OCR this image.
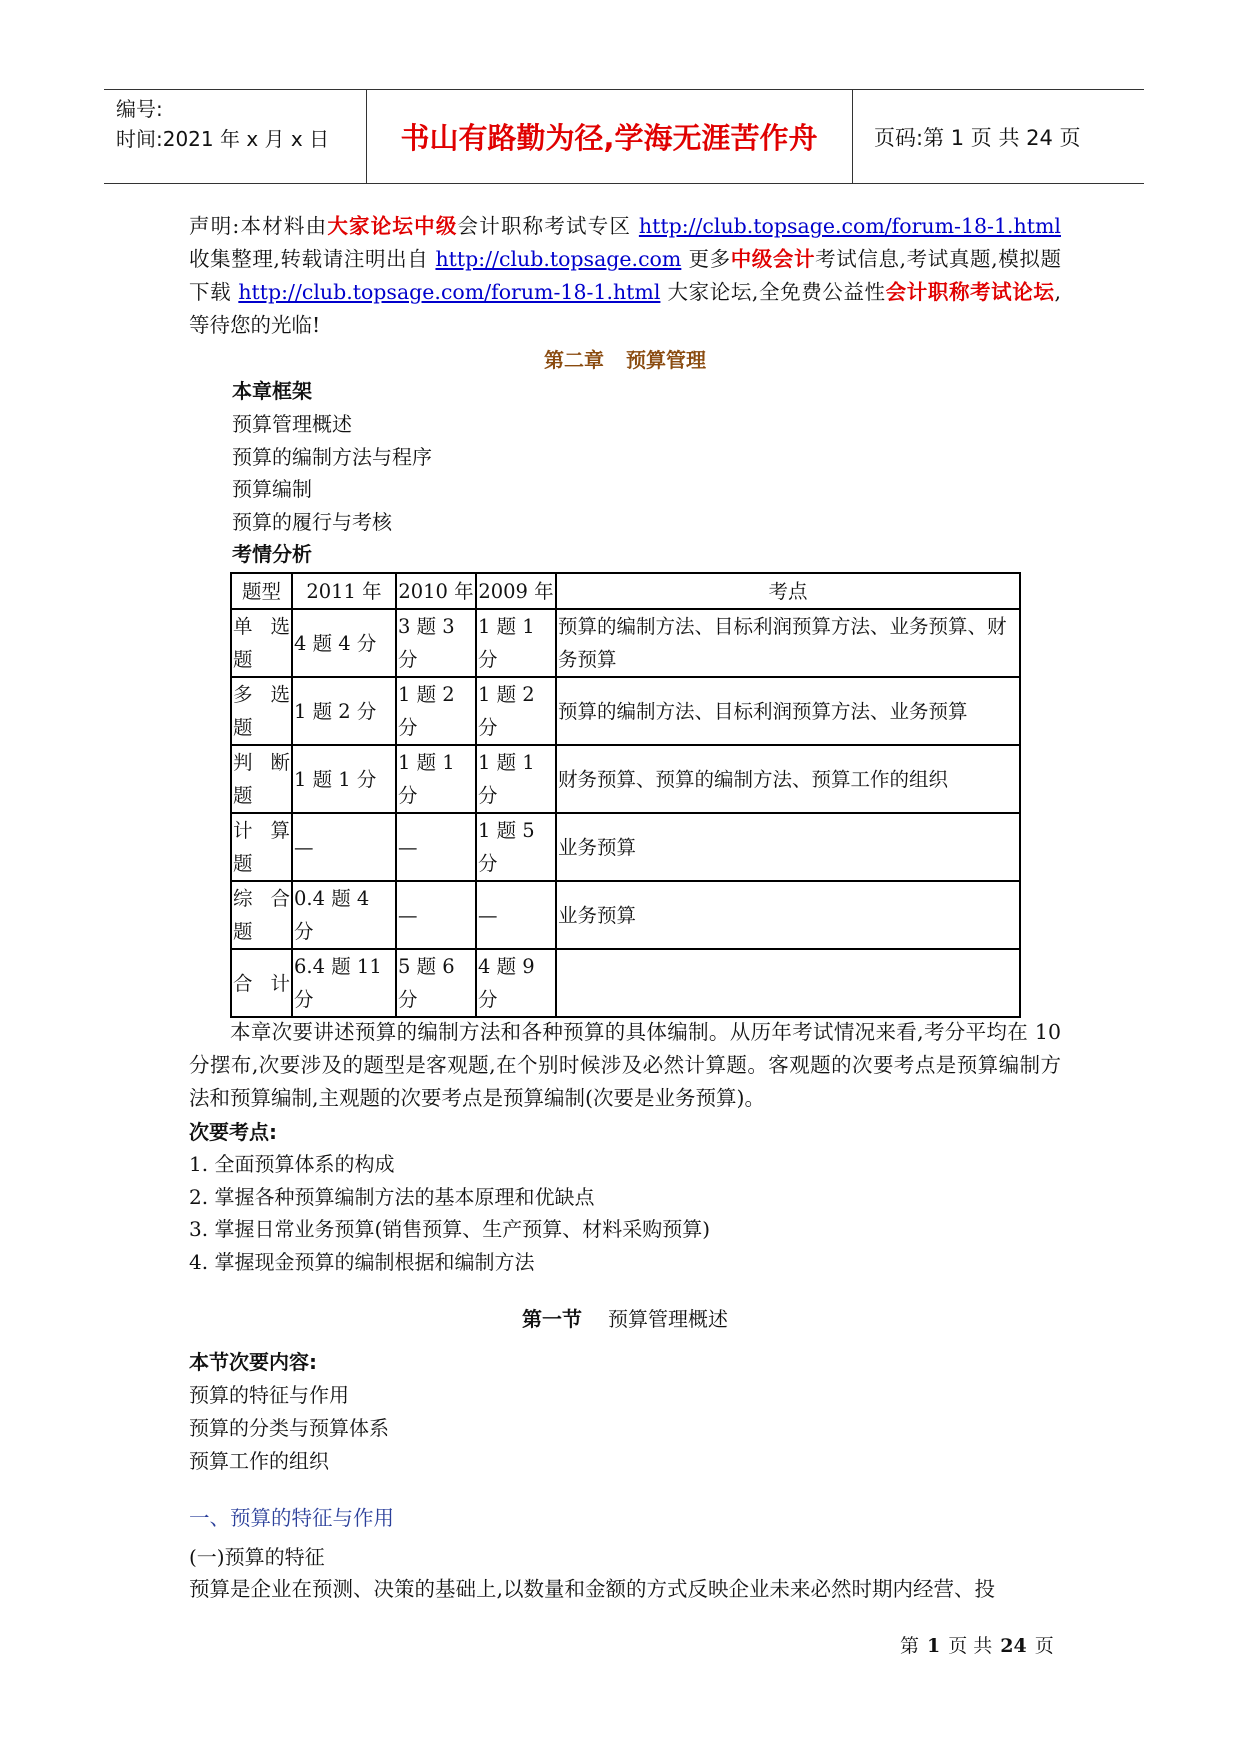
编号:
时间:2021 年 x 月 x 日	书山有路勤为径,学海无涯苦作舟	页码:第 1 页 共 24 页
声明:本材料由大家论坛中级会计职称考试专区 http://club.topsage.com/forum-18-1.html 收集整理,转载请注明出自 http://club.topsage.com 更多中级会计考试信息,考试真题,模拟题下载 http://club.topsage.com/forum-18-1.html 大家论坛,全免费公益性会计职称考试论坛,等待您的光临!
第二章 预算管理
本章框架
预算管理概述
预算的编制方法与程序
预算编制
预算的履行与考核
考情分析
题型	2011 年	2010 年	2009 年	考点

单 选
题	4 题 4 分	3 题 3 分	1 题 1 分	预算的编制方法、目标利润预算方法、业务预算、财务预算

多 选
题	1 题 2 分	1 题 2 分	1 题 2 分	预算的编制方法、目标利润预算方法、业务预算

判 断
题	1 题 1 分	1 题 1 分	1 题 1 分	财务预算、预算的编制方法、预算工作的组织

计 算
题	—	—	1 题 5 分	业务预算

综 合
题	0.4 题 4 分	—	—	业务预算

合 计	6.4 题 11 分	5 题 6 分	4 题 9 分	
本章次要讲述预算的编制方法和各种预算的具体编制。从历年考试情况来看,考分平均在 10 分摆布,次要涉及的题型是客观题,在个别时候涉及必然计算题。客观题的次要考点是预算编制方法和预算编制,主观题的次要考点是预算编制(次要是业务预算)。
次要考点:
1. 全面预算体系的构成
2. 掌握各种预算编制方法的基本原理和优缺点
3. 掌握日常业务预算(销售预算、生产预算、材料采购预算)
4. 掌握现金预算的编制根据和编制方法
第一节 预算管理概述
本节次要内容:
预算的特征与作用
预算的分类与预算体系
预算工作的组织
一、预算的特征与作用
(一)预算的特征
预算是企业在预测、决策的基础上,以数量和金额的方式反映企业未来必然时期内经营、投
第 1 页 共 24 页
